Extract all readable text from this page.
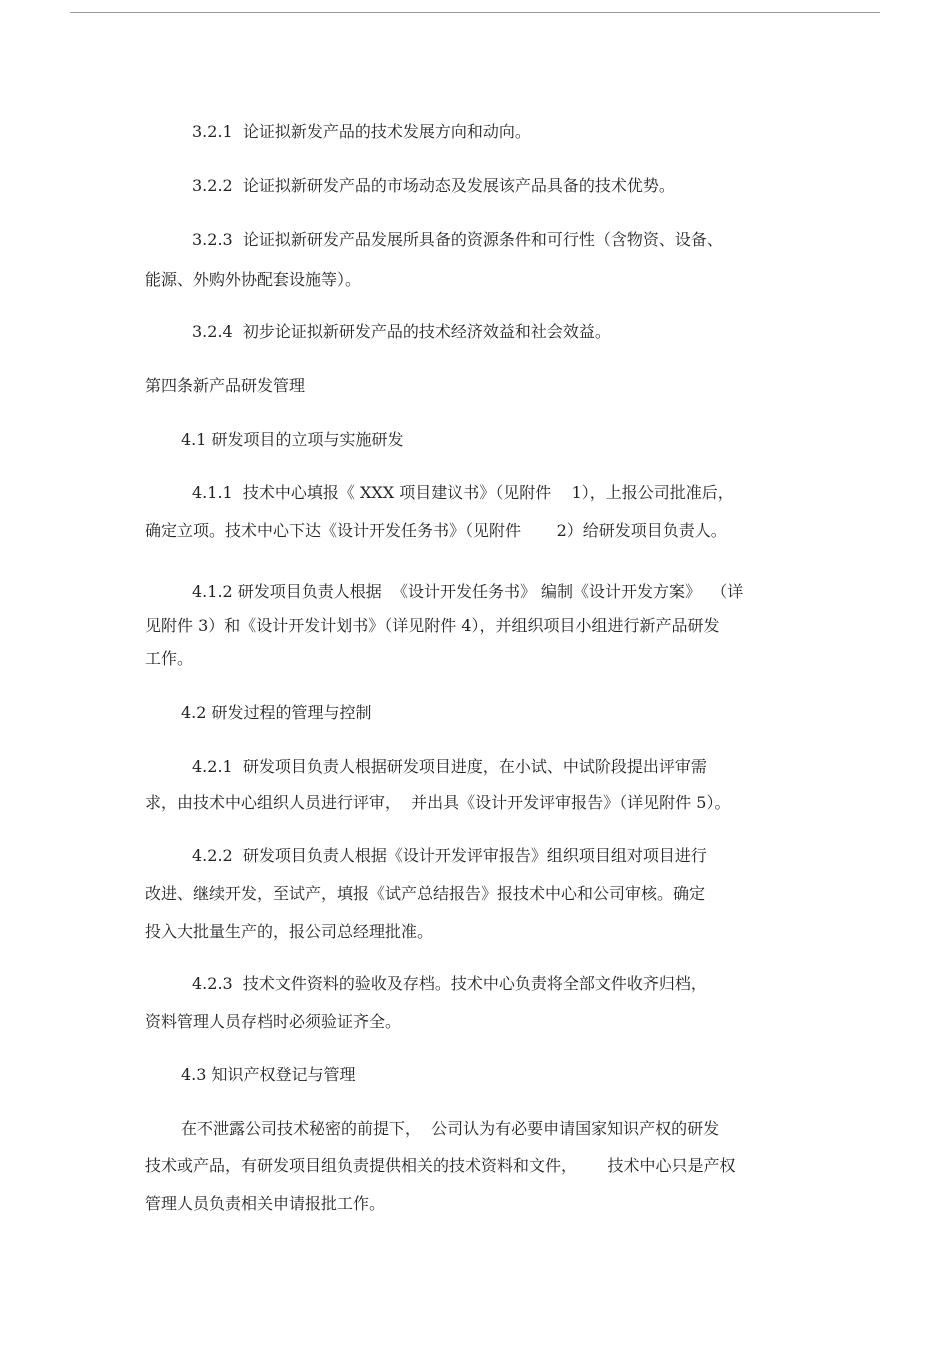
3.2.1  论证拟新发产品的技术发展方向和动向。

3.2.2  论证拟新研发产品的市场动态及发展该产品具备的技术优势。

3.2.3  论证拟新研发产品发展所具备的资源条件和可行性（含物资、设备、

能源、外购外协配套设施等）。

3.2.4  初步论证拟新研发产品的技术经济效益和社会效益。

第四条新产品研发管理

4.1 研发项目的立项与实施研发

4.1.1  技术中心填报《 XXX 项目建议书》（见附件    1），上报公司批准后，

确定立项。技术中心下达《设计开发任务书》（见附件       2）给研发项目负责人。

4.1.2 研发项目负责人根据  《设计开发任务书》 编制《设计开发方案》  （详

见附件 3）和《设计开发计划书》（详见附件 4），并组织项目小组进行新产品研发

工作。

4.2 研发过程的管理与控制

4.2.1  研发项目负责人根据研发项目进度，在小试、中试阶段提出评审需

求，由技术中心组织人员进行评审，  并出具《设计开发评审报告》（详见附件 5）。

4.2.2  研发项目负责人根据《设计开发评审报告》组织项目组对项目进行

改进、继续开发，至试产，填报《试产总结报告》报技术中心和公司审核。确定

投入大批量生产的，报公司总经理批准。

4.2.3  技术文件资料的验收及存档。技术中心负责将全部文件收齐归档，

资料管理人员存档时必须验证齐全。

4.3 知识产权登记与管理

在不泄露公司技术秘密的前提下，  公司认为有必要申请国家知识产权的研发

技术或产品，有研发项目组负责提供相关的技术资料和文件，      技术中心只是产权

管理人员负责相关申请报批工作。
